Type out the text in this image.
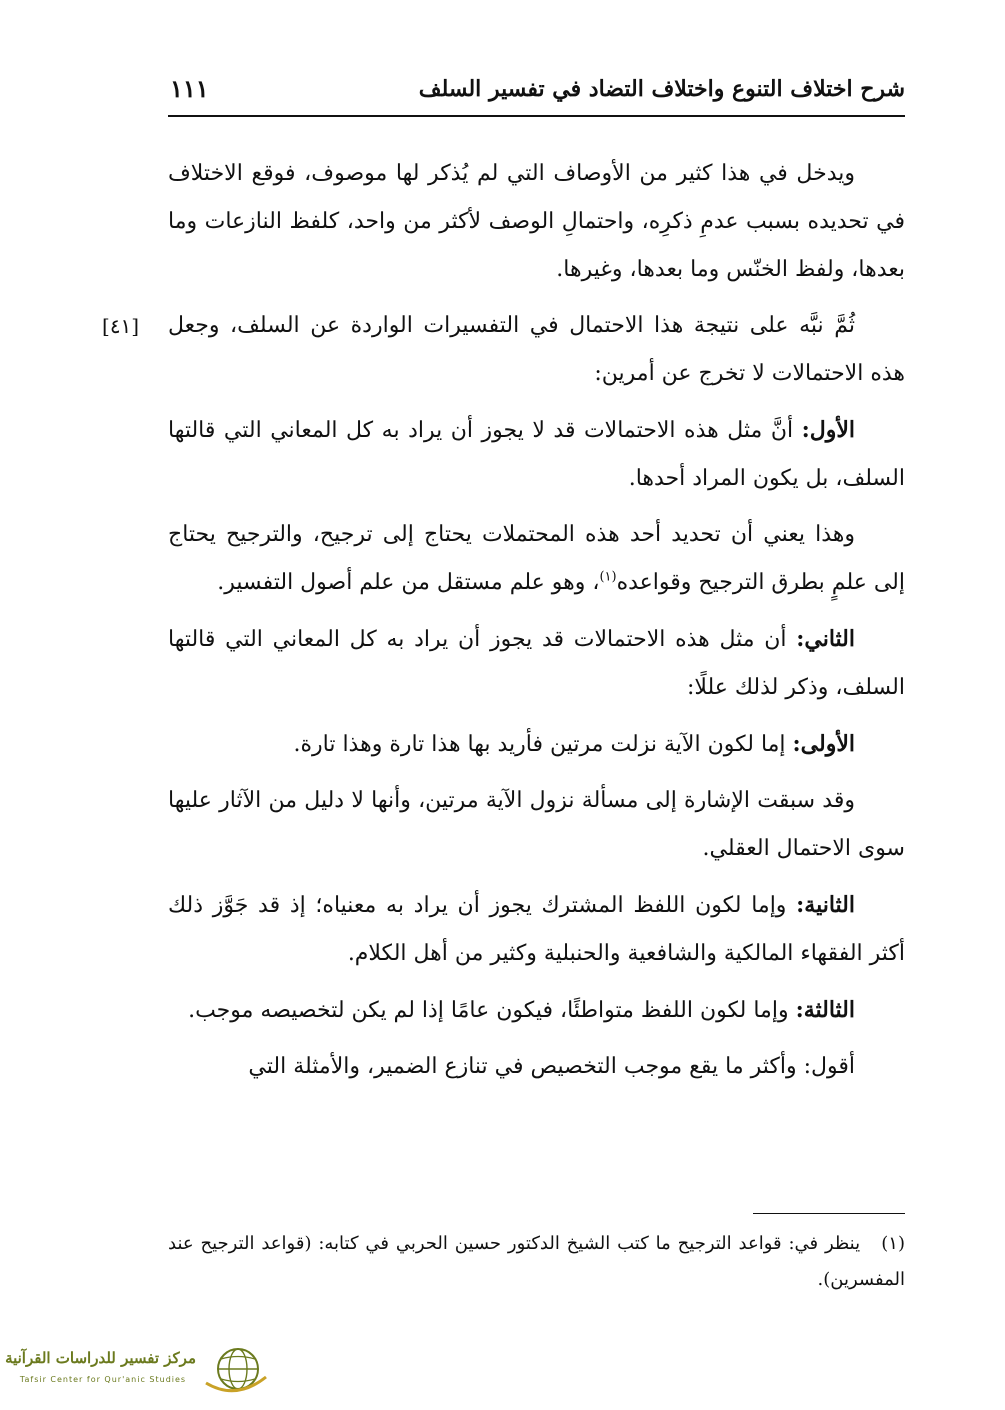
شرح اختلاف التنوع واختلاف التضاد في تفسير السلف
١١١

ويدخل في هذا كثير من الأوصاف التي لم يُذكر لها موصوف، فوقع الاختلاف في تحديده بسبب عدمِ ذكرِه، واحتمالِ الوصف لأكثر من واحد، كلفظ النازعات وما بعدها، ولفظ الخنّس وما بعدها، وغيرها.

ثُمَّ نبَّه على نتيجة هذا الاحتمال في التفسيرات الواردة عن السلف، وجعل هذه الاحتمالات لا تخرج عن أمرين:
[٤١]

الأول: أنَّ مثل هذه الاحتمالات قد لا يجوز أن يراد به كل المعاني التي قالتها السلف، بل يكون المراد أحدها.

وهذا يعني أن تحديد أحد هذه المحتملات يحتاج إلى ترجيح، والترجيح يحتاج إلى علمٍ بطرق الترجيح وقواعده$^{(١)}$، وهو علم مستقل من علم أصول التفسير.

الثاني: أن مثل هذه الاحتمالات قد يجوز أن يراد به كل المعاني التي قالتها السلف، وذكر لذلك عللًا:

الأولى: إما لكون الآية نزلت مرتين فأريد بها هذا تارة وهذا تارة.

وقد سبقت الإشارة إلى مسألة نزول الآية مرتين، وأنها لا دليل من الآثار عليها سوى الاحتمال العقلي.

الثانية: وإما لكون اللفظ المشترك يجوز أن يراد به معنياه؛ إذ قد جَوَّز ذلك أكثر الفقهاء المالكية والشافعية والحنبلية وكثير من أهل الكلام.

الثالثة: وإما لكون اللفظ متواطئًا، فيكون عامًا إذا لم يكن لتخصيصه موجب.

أقول: وأكثر ما يقع موجب التخصيص في تنازع الضمير، والأمثلة التي

(١) ينظر في: قواعد الترجيح ما كتب الشيخ الدكتور حسين الحربي في كتابه: (قواعد الترجيح عند المفسرين).
مركز تفسير للدراسات القرآنية
Tafsir Center for Qur'anic Studies
